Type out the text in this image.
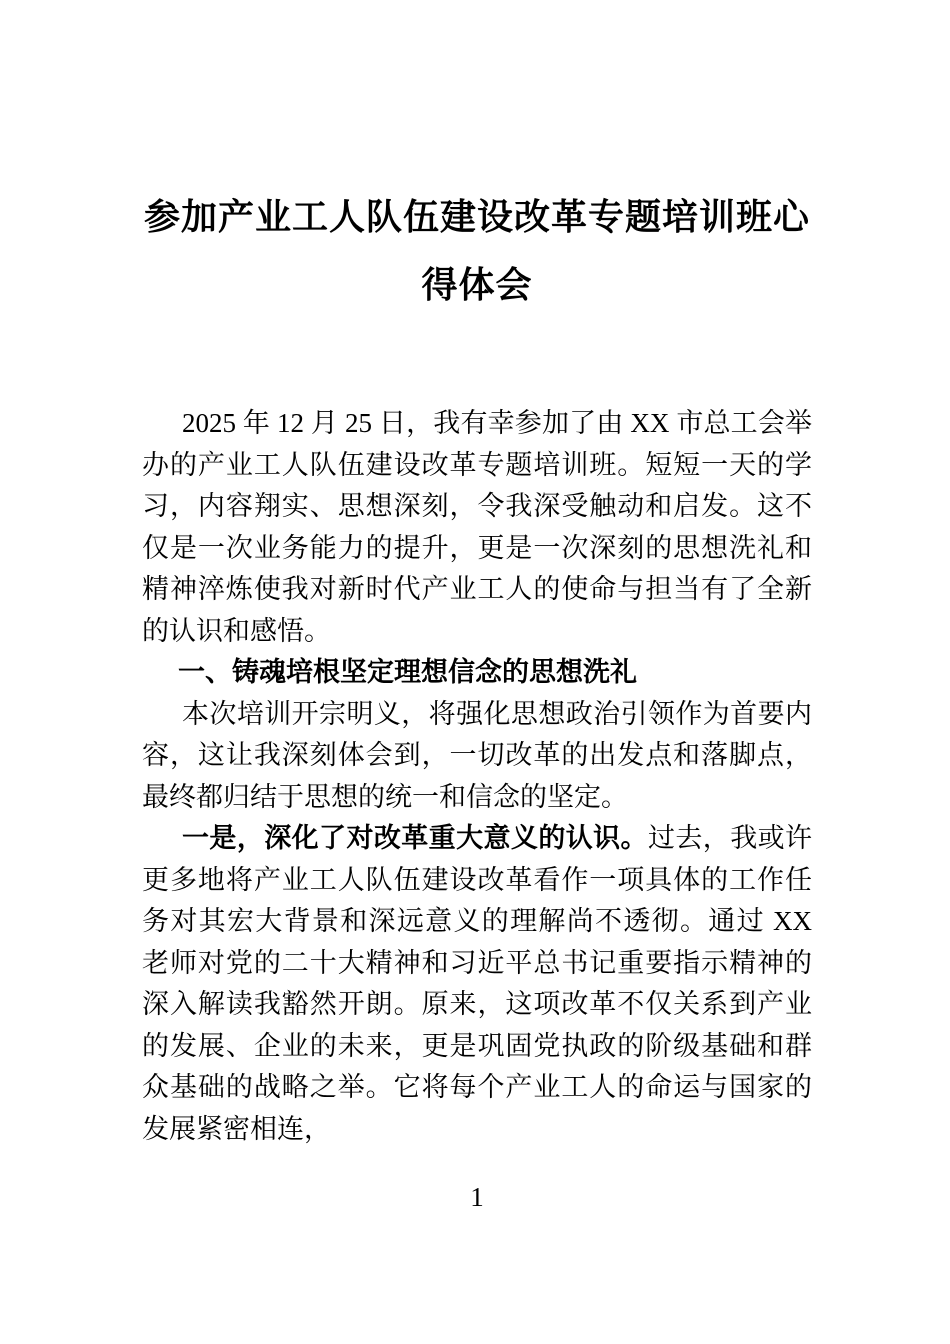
参加产业工人队伍建设改革专题培训班心得体会

2025 年 12 月 25 日，我有幸参加了由 XX 市总工会举办的产业工人队伍建设改革专题培训班。短短一天的学习，内容翔实、思想深刻，令我深受触动和启发。这不仅是一次业务能力的提升，更是一次深刻的思想洗礼和精神淬炼使我对新时代产业工人的使命与担当有了全新的认识和感悟。

一、铸魂培根坚定理想信念的思想洗礼

本次培训开宗明义，将强化思想政治引领作为首要内容，这让我深刻体会到，一切改革的出发点和落脚点，最终都归结于思想的统一和信念的坚定。

一是，深化了对改革重大意义的认识。过去，我或许更多地将产业工人队伍建设改革看作一项具体的工作任务对其宏大背景和深远意义的理解尚不透彻。通过 XX 老师对党的二十大精神和习近平总书记重要指示精神的深入解读我豁然开朗。原来，这项改革不仅关系到产业的发展、企业的未来，更是巩固党执政的阶级基础和群众基础的战略之举。它将每个产业工人的命运与国家的发展紧密相连，

1
